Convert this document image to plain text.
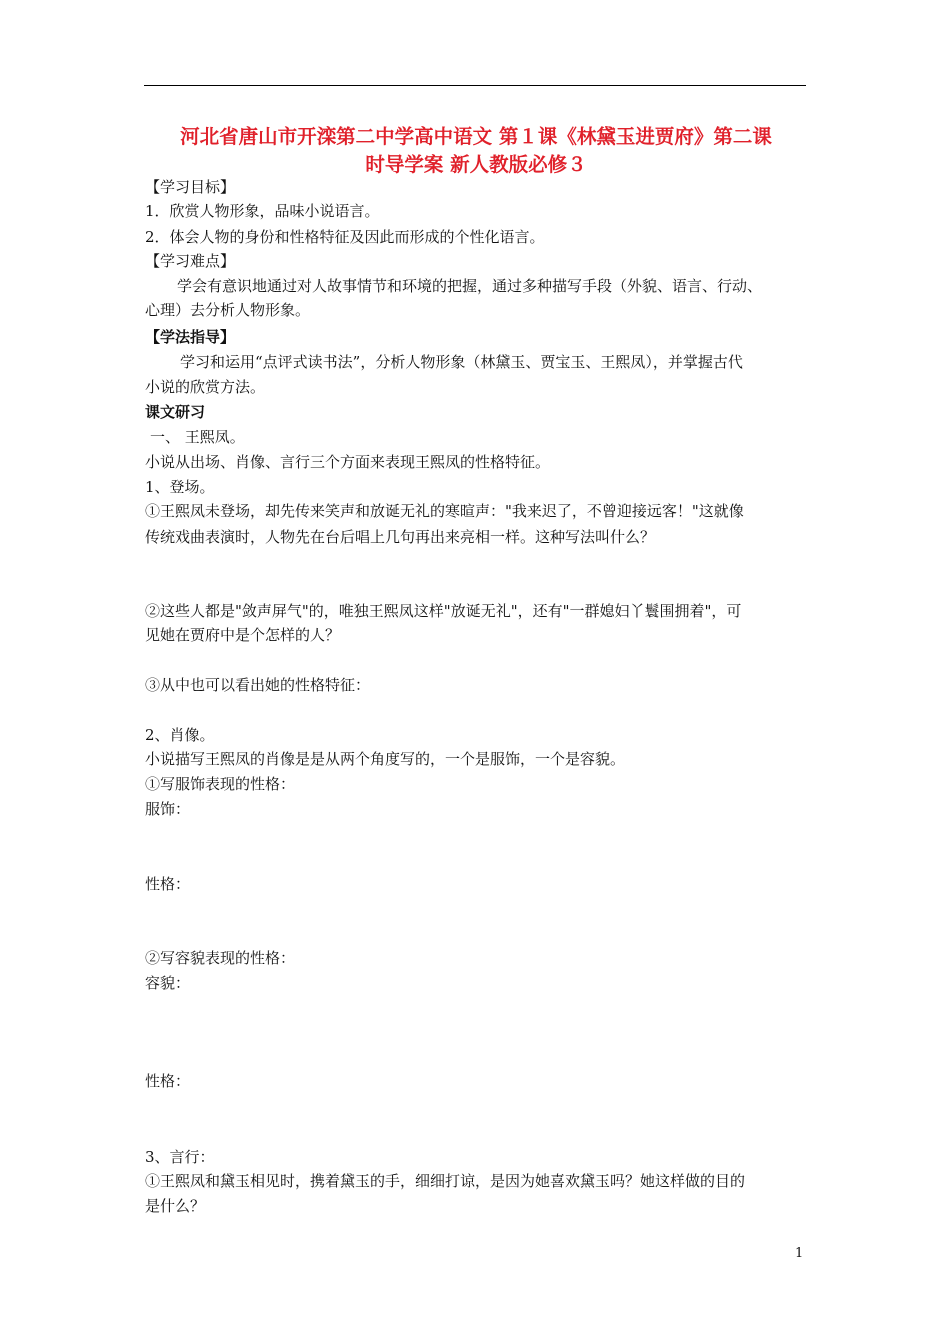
河北省唐山市开滦第二中学高中语文 第１课《林黛玉进贾府》第二课
时导学案 新人教版必修３
【学习目标】
1．欣赏人物形象，品味小说语言。
2．体会人物的身份和性格特征及因此而形成的个性化语言。
【学习难点】
学会有意识地通过对人故事情节和环境的把握，通过多种描写手段（外貌、语言、行动、
心理）去分析人物形象。
【学法指导】
学习和运用“点评式读书法”，分析人物形象（林黛玉、贾宝玉、王熙凤），并掌握古代
小说的欣赏方法。
课文研习
一、 王熙凤。
小说从出场、肖像、言行三个方面来表现王熙凤的性格特征。
1、登场。
①王熙凤未登场，却先传来笑声和放诞无礼的寒暄声："我来迟了，不曾迎接远客！"这就像
传统戏曲表演时，人物先在台后唱上几句再出来亮相一样。这种写法叫什么？
②这些人都是"敛声屏气"的，唯独王熙凤这样"放诞无礼"，还有"一群媳妇丫鬟围拥着"，可
见她在贾府中是个怎样的人？
③从中也可以看出她的性格特征：
2、肖像。
小说描写王熙凤的肖像是是从两个角度写的，一个是服饰，一个是容貌。
①写服饰表现的性格：
服饰：
性格：
②写容貌表现的性格：
容貌：
性格：
3、言行：
①王熙凤和黛玉相见时，携着黛玉的手，细细打谅，是因为她喜欢黛玉吗？她这样做的目的
是什么？
1
